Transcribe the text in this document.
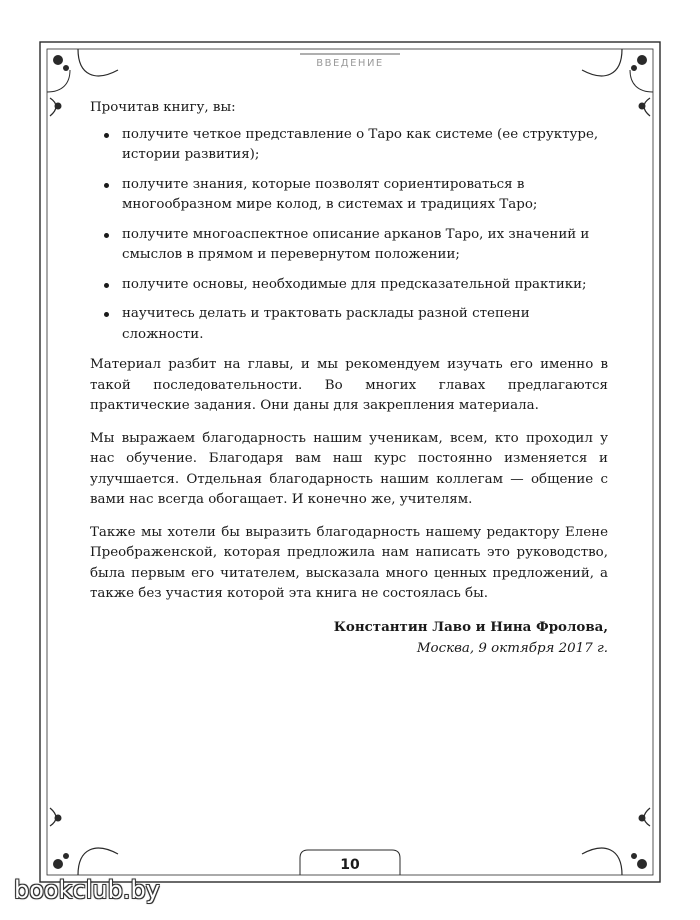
ВВЕДЕНИЕ

Прочитав книгу, вы:

получите четкое представление о Таро как системе (ее структуре, истории развития);
получите знания, которые позволят сориентироваться в многообразном мире колод, в системах и традициях Таро;
получите многоаспектное описание арканов Таро, их значений и смыслов в прямом и перевернутом положении;
получите основы, необходимые для предсказательной практики;
научитесь делать и трактовать расклады разной степени сложности.

Материал разбит на главы, и мы рекомендуем изучать его именно в такой последовательности. Во многих главах предлагаются практические задания. Они даны для закрепления материала.

Мы выражаем благодарность нашим ученикам, всем, кто проходил у нас обучение. Благодаря вам наш курс постоянно изменяется и улучшается. Отдельная благодарность нашим коллегам — общение с вами нас всегда обогащает. И конечно же, учителям.

Также мы хотели бы выразить благодарность нашему редактору Елене Преображенской, которая предложила нам написать это руководство, была первым его читателем, высказала много ценных предложений, а также без участия которой эта книга не состоялась бы.

Константин Лаво и Нина Фролова,
Москва, 9 октября 2017 г.
10
bookclub.by
